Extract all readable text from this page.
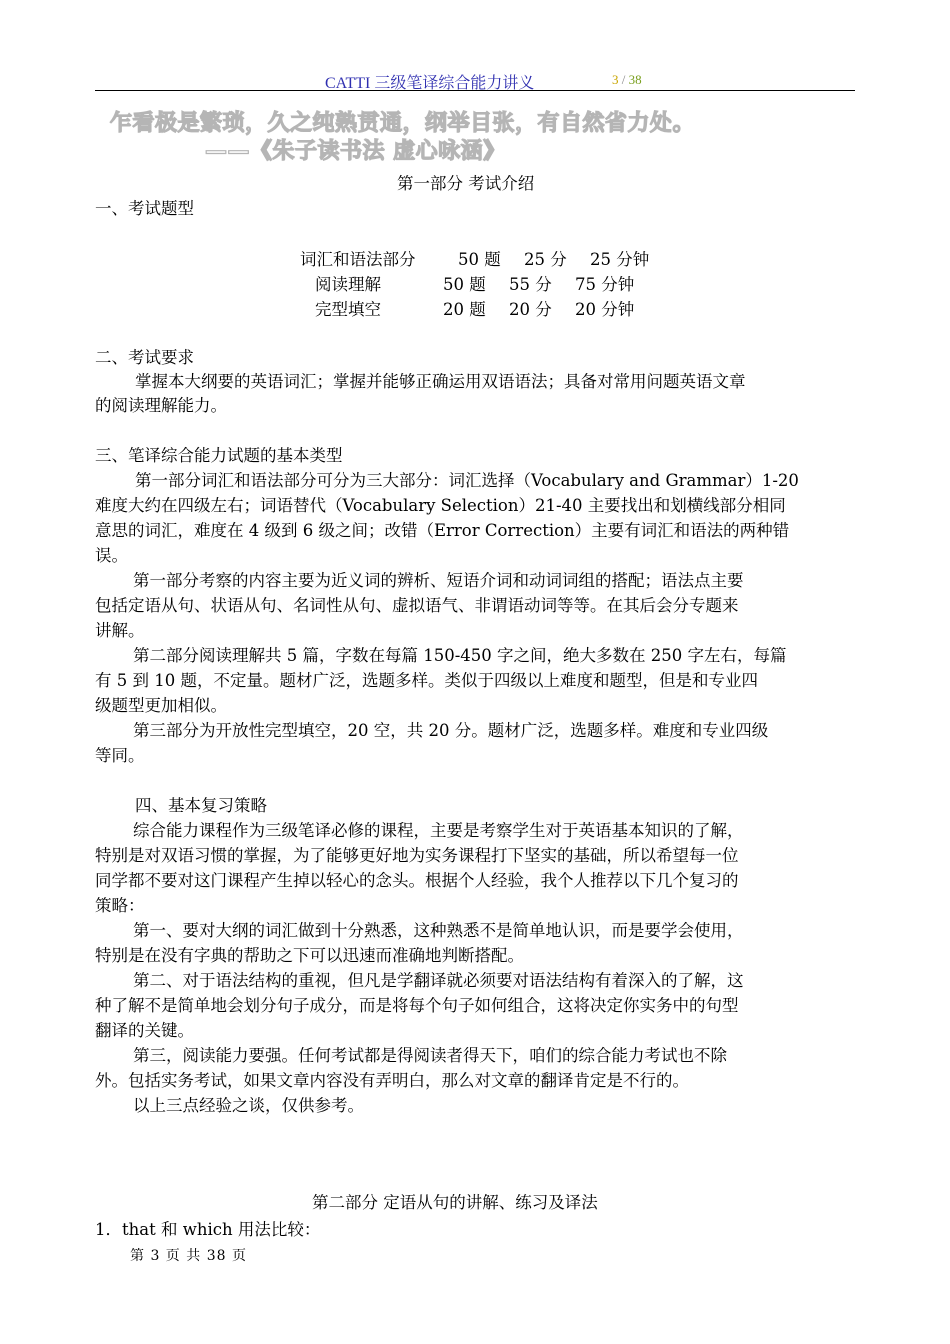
CATTI 三级笔译综合能力讲义	3 / 38
乍看极是繁琐，久之纯熟贯通，纲举目张，有自然省力处。
——《朱子读书法 虚心咏涵》
第一部分 考试介绍
一、考试题型
词汇和语法部分	50 题 25 分 25 分钟
阅读理解	50 题 55 分 75 分钟
完型填空	20 题 20 分 20 分钟
二、考试要求
掌握本大纲要的英语词汇；掌握并能够正确运用双语语法；具备对常用问题英语文章
的阅读理解能力。
三、笔译综合能力试题的基本类型
第一部分词汇和语法部分可分为三大部分：词汇选择（Vocabulary and Grammar）1-20
难度大约在四级左右；词语替代（Vocabulary Selection）21-40 主要找出和划横线部分相同
意思的词汇，难度在 4 级到 6 级之间；改错（Error Correction）主要有词汇和语法的两种错
误。
第一部分考察的内容主要为近义词的辨析、短语介词和动词词组的搭配；语法点主要
包括定语从句、状语从句、名词性从句、虚拟语气、非谓语动词等等。在其后会分专题来
讲解。
第二部分阅读理解共 5 篇，字数在每篇 150-450 字之间，绝大多数在 250 字左右，每篇
有 5 到 10 题，不定量。题材广泛，选题多样。类似于四级以上难度和题型，但是和专业四
级题型更加相似。
第三部分为开放性完型填空，20 空，共 20 分。题材广泛，选题多样。难度和专业四级
等同。
四、基本复习策略
综合能力课程作为三级笔译必修的课程，主要是考察学生对于英语基本知识的了解，
特别是对双语习惯的掌握，为了能够更好地为实务课程打下坚实的基础，所以希望每一位
同学都不要对这门课程产生掉以轻心的念头。根据个人经验，我个人推荐以下几个复习的
策略：
第一、要对大纲的词汇做到十分熟悉，这种熟悉不是简单地认识，而是要学会使用，
特别是在没有字典的帮助之下可以迅速而准确地判断搭配。
第二、对于语法结构的重视，但凡是学翻译就必须要对语法结构有着深入的了解，这
种了解不是简单地会划分句子成分，而是将每个句子如何组合，这将决定你实务中的句型
翻译的关键。
第三，阅读能力要强。任何考试都是得阅读者得天下，咱们的综合能力考试也不除
外。包括实务考试，如果文章内容没有弄明白，那么对文章的翻译肯定是不行的。
以上三点经验之谈，仅供参考。
第二部分 定语从句的讲解、练习及译法
1．that 和 which 用法比较：
第 3 页 共 38 页
